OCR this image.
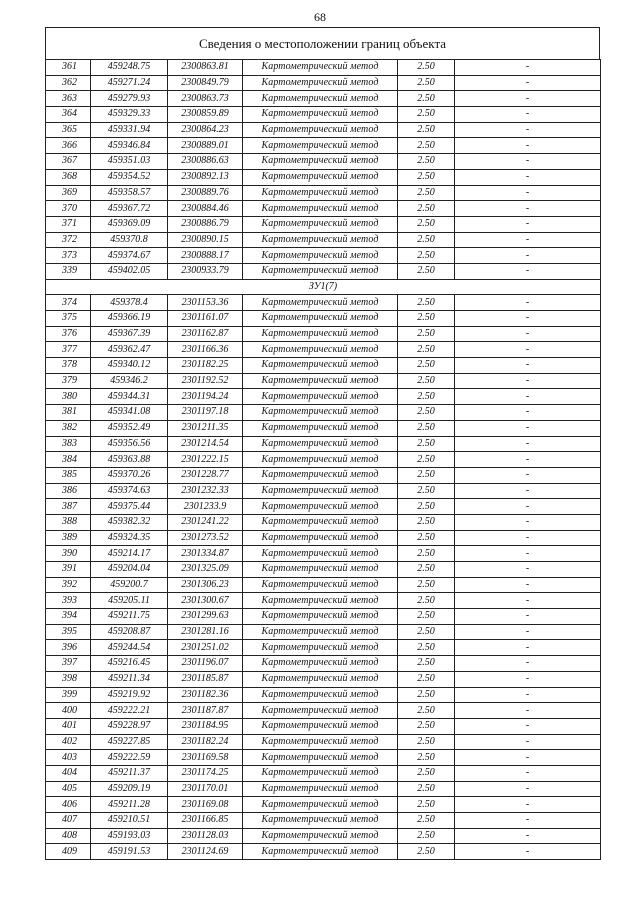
68
Сведения о местоположении границ объекта
361	459248.75	2300863.81	Картометрический метод	2.50	-
362	459271.24	2300849.79	Картометрический метод	2.50	-
363	459279.93	2300863.73	Картометрический метод	2.50	-
364	459329.33	2300859.89	Картометрический метод	2.50	-
365	459331.94	2300864.23	Картометрический метод	2.50	-
366	459346.84	2300889.01	Картометрический метод	2.50	-
367	459351.03	2300886.63	Картометрический метод	2.50	-
368	459354.52	2300892.13	Картометрический метод	2.50	-
369	459358.57	2300889.76	Картометрический метод	2.50	-
370	459367.72	2300884.46	Картометрический метод	2.50	-
371	459369.09	2300886.79	Картометрический метод	2.50	-
372	459370.8	2300890.15	Картометрический метод	2.50	-
373	459374.67	2300888.17	Картометрический метод	2.50	-
339	459402.05	2300933.79	Картометрический метод	2.50	-
ЗУ1(7)					
374	459378.4	2301153.36	Картометрический метод	2.50	-
375	459366.19	2301161.07	Картометрический метод	2.50	-
376	459367.39	2301162.87	Картометрический метод	2.50	-
377	459362.47	2301166.36	Картометрический метод	2.50	-
378	459340.12	2301182.25	Картометрический метод	2.50	-
379	459346.2	2301192.52	Картометрический метод	2.50	-
380	459344.31	2301194.24	Картометрический метод	2.50	-
381	459341.08	2301197.18	Картометрический метод	2.50	-
382	459352.49	2301211.35	Картометрический метод	2.50	-
383	459356.56	2301214.54	Картометрический метод	2.50	-
384	459363.88	2301222.15	Картометрический метод	2.50	-
385	459370.26	2301228.77	Картометрический метод	2.50	-
386	459374.63	2301232.33	Картометрический метод	2.50	-
387	459375.44	2301233.9	Картометрический метод	2.50	-
388	459382.32	2301241.22	Картометрический метод	2.50	-
389	459324.35	2301273.52	Картометрический метод	2.50	-
390	459214.17	2301334.87	Картометрический метод	2.50	-
391	459204.04	2301325.09	Картометрический метод	2.50	-
392	459200.7	2301306.23	Картометрический метод	2.50	-
393	459205.11	2301300.67	Картометрический метод	2.50	-
394	459211.75	2301299.63	Картометрический метод	2.50	-
395	459208.87	2301281.16	Картометрический метод	2.50	-
396	459244.54	2301251.02	Картометрический метод	2.50	-
397	459216.45	2301196.07	Картометрический метод	2.50	-
398	459211.34	2301185.87	Картометрический метод	2.50	-
399	459219.92	2301182.36	Картометрический метод	2.50	-
400	459222.21	2301187.87	Картометрический метод	2.50	-
401	459228.97	2301184.95	Картометрический метод	2.50	-
402	459227.85	2301182.24	Картометрический метод	2.50	-
403	459222.59	2301169.58	Картометрический метод	2.50	-
404	459211.37	2301174.25	Картометрический метод	2.50	-
405	459209.19	2301170.01	Картометрический метод	2.50	-
406	459211.28	2301169.08	Картометрический метод	2.50	-
407	459210.51	2301166.85	Картометрический метод	2.50	-
408	459193.03	2301128.03	Картометрический метод	2.50	-
409	459191.53	2301124.69	Картометрический метод	2.50	-
